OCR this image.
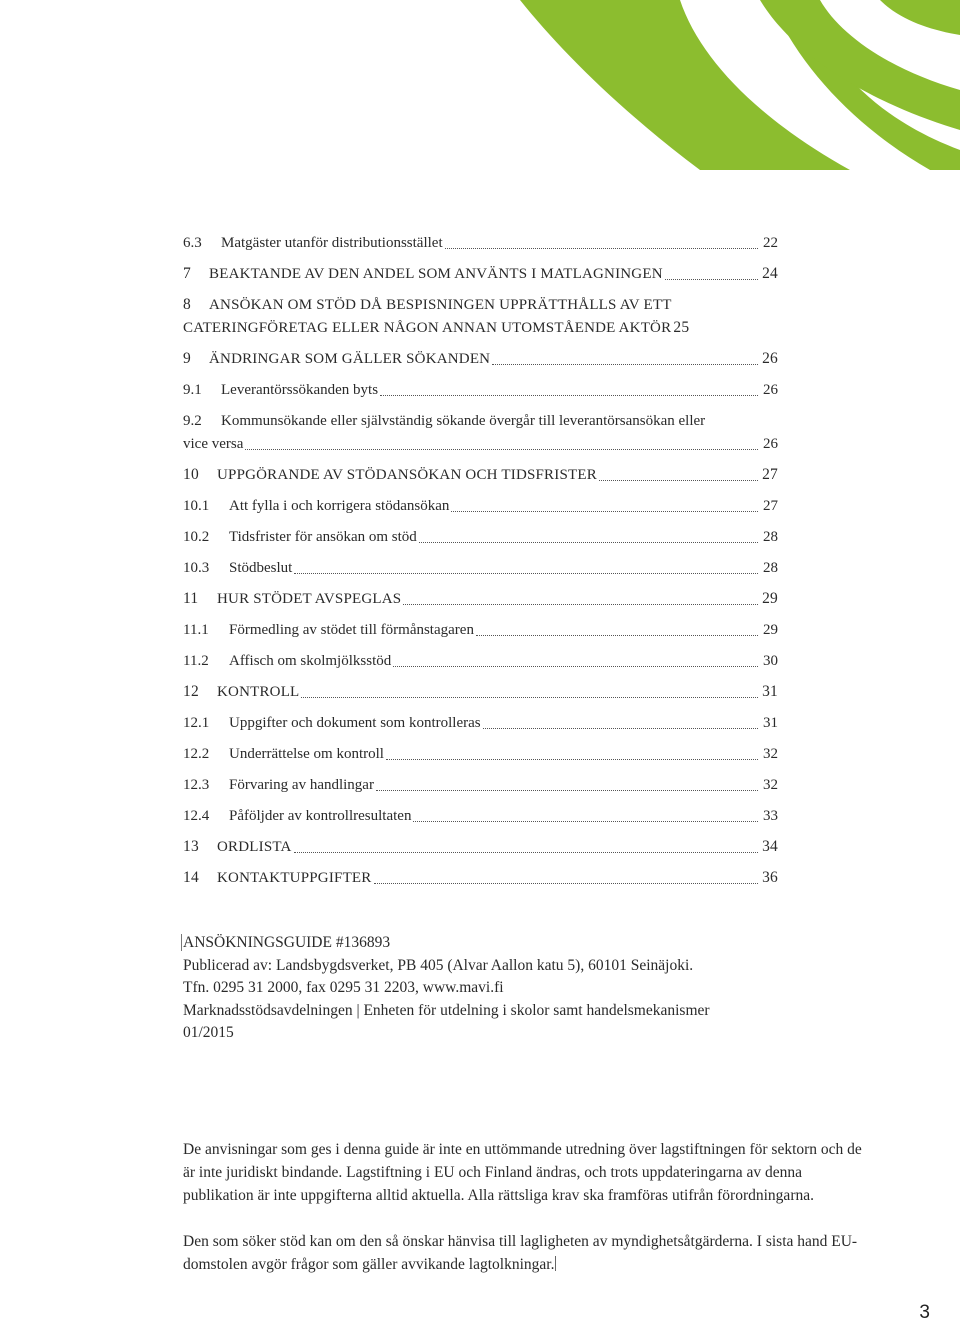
6.3	Matgäster utanför distributionsstället	22
7	BEAKTANDE AV DEN ANDEL SOM ANVÄNTS I MATLAGNINGEN	24
8	ANSÖKAN OM STÖD DÅ BESPISNINGEN UPPRÄTTHÅLLS AV ETT
CATERINGFÖRETAG ELLER NÅGON ANNAN UTOMSTÅENDE AKTÖR 25
9	ÄNDRINGAR SOM GÄLLER SÖKANDEN	26
9.1	Leverantörssökanden byts	26
9.2	Kommunsökande eller självständig sökande övergår till leverantörsansökan eller
vice versa	26
10	UPPGÖRANDE AV STÖDANSÖKAN OCH TIDSFRISTER	27
10.1	Att fylla i och korrigera stödansökan	27
10.2	Tidsfrister för ansökan om stöd	28
10.3	Stödbeslut	28
11	HUR STÖDET AVSPEGLAS	29
11.1	Förmedling av stödet till förmånstagaren	29
11.2	Affisch om skolmjölksstöd	30
12	KONTROLL	31
12.1	Uppgifter och dokument som kontrolleras	31
12.2	Underrättelse om kontroll	32
12.3	Förvaring av handlingar	32
12.4	Påföljder av kontrollresultaten	33
13	ORDLISTA	34
14	KONTAKTUPPGIFTER	36

ANSÖKNINGSGUIDE #136893

Publicerad av: Landsbygdsverket, PB 405 (Alvar Aallon katu 5), 60101 Seinäjoki.

Tfn. 0295 31 2000, fax 0295 31 2203, www.mavi.fi

Marknadsstödsavdelningen | Enheten för utdelning i skolor samt handelsmekanismer

01/2015

De anvisningar som ges i denna guide är inte en uttömmande utredning över lagstiftningen för sektorn och de är inte juridiskt bindande. Lagstiftning i EU och Finland ändras, och trots uppdateringarna av denna publikation är inte uppgifterna alltid aktuella. Alla rättsliga krav ska framföras utifrån förordningarna.

Den som söker stöd kan om den så önskar hänvisa till lagligheten av myndighetsåtgärderna. I sista hand EU-domstolen avgör frågor som gäller avvikande lagtolkningar.

3
